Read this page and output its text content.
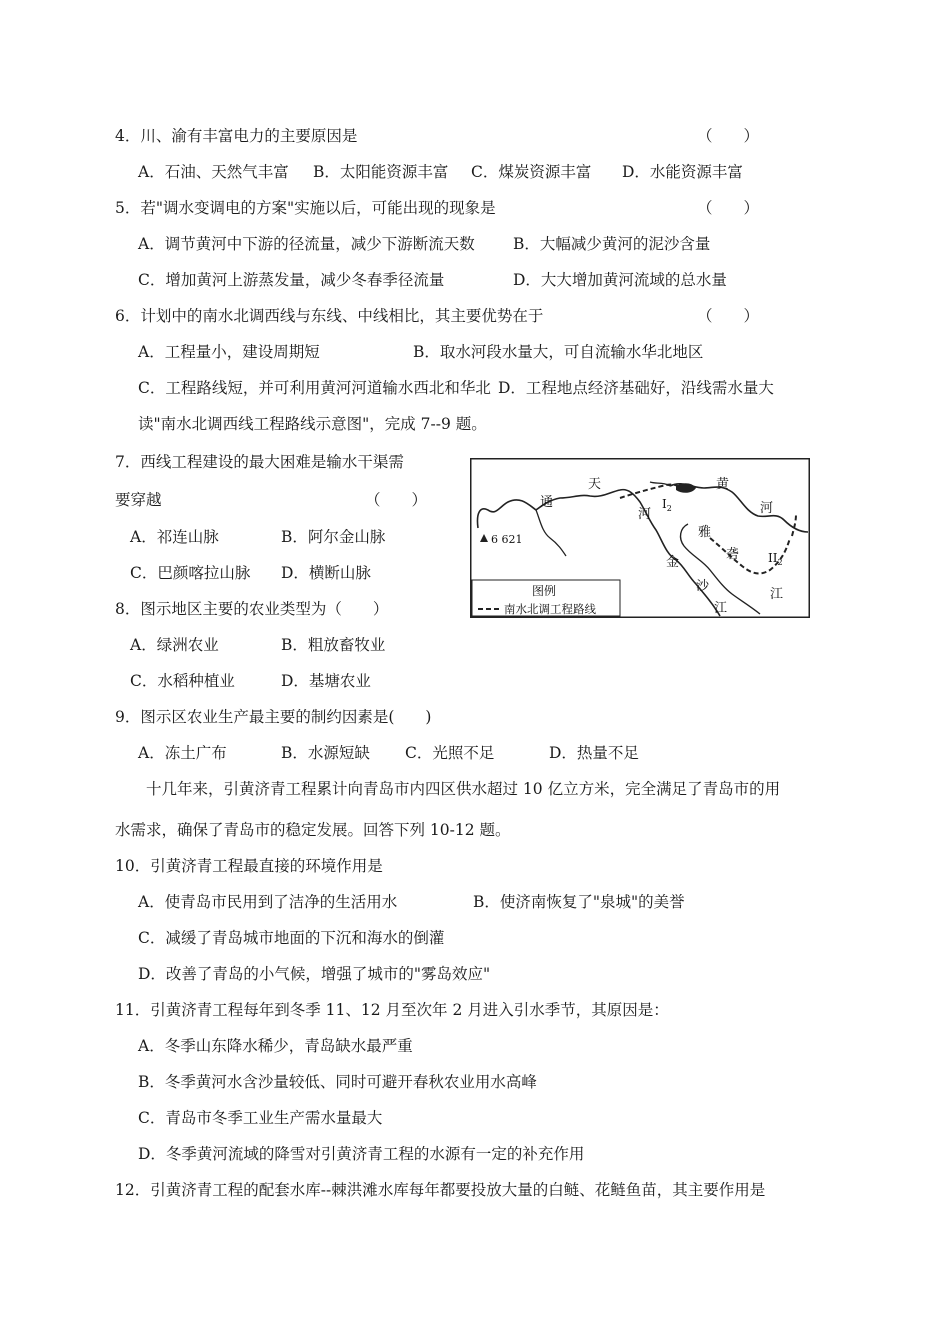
4．川、渝有丰富电力的主要原因是	（　　）
A．石油、天然气丰富 B．太阳能资源丰富 C．煤炭资源丰富 D．水能资源丰富
5．若"调水变调电的方案"实施以后，可能出现的现象是	（　　）
A．调节黄河中下游的径流量，减少下游断流天数 B．大幅减少黄河的泥沙含量
C．增加黄河上游蒸发量，减少冬春季径流量	D．大大增加黄河流域的总水量
6．计划中的南水北调西线与东线、中线相比，其主要优势在于	（　　）
A．工程量小，建设周期短	B．取水河段水量大，可自流输水华北地区
C．工程路线短，并可利用黄河河道输水西北和华北 D．工程地点经济基础好，沿线需水量大
读"南水北调西线工程路线示意图"，完成 7--9 题。
7．西线工程建设的最大困难是输水干渠需
要穿越	（　　）
A．祁连山脉	B．阿尔金山脉
C．巴颜喀拉山脉 D．横断山脉
8．图示地区主要的农业类型为（　　）
A．绿洲农业	B．粗放畜牧业
C．水稻种植业	D．基塘农业
9．图示区农业生产最主要的制约因素是(　　)
A．冻土广布	B．水源短缺 C．光照不足	D．热量不足
十几年来，引黄济青工程累计向青岛市内四区供水超过 10 亿立方米，完全满足了青岛市的用
水需求，确保了青岛市的稳定发展。回答下列 10-12 题。
10．引黄济青工程最直接的环境作用是
A．使青岛市民用到了洁净的生活用水	B．使济南恢复了"泉城"的美誉
C．减缓了青岛城市地面的下沉和海水的倒灌
D．改善了青岛的小气候，增强了城市的"雾岛效应"
11．引黄济青工程每年到冬季 11、12 月至次年 2 月进入引水季节，其原因是：
A．冬季山东降水稀少，青岛缺水最严重
B．冬季黄河水含沙量较低、同时可避开春秋农业用水高峰
C．青岛市冬季工业生产需水量最大
D．冬季黄河流域的降雪对引黄济青工程的水源有一定的补充作用
12．引黄济青工程的配套水库--棘洪滩水库每年都要投放大量的白鲢、花鲢鱼苗，其主要作用是
6 621
通
天
河
黄
河
雅
砻
金
沙
江
江
$I_2$
$II_2$
图例
南水北调工程路线
